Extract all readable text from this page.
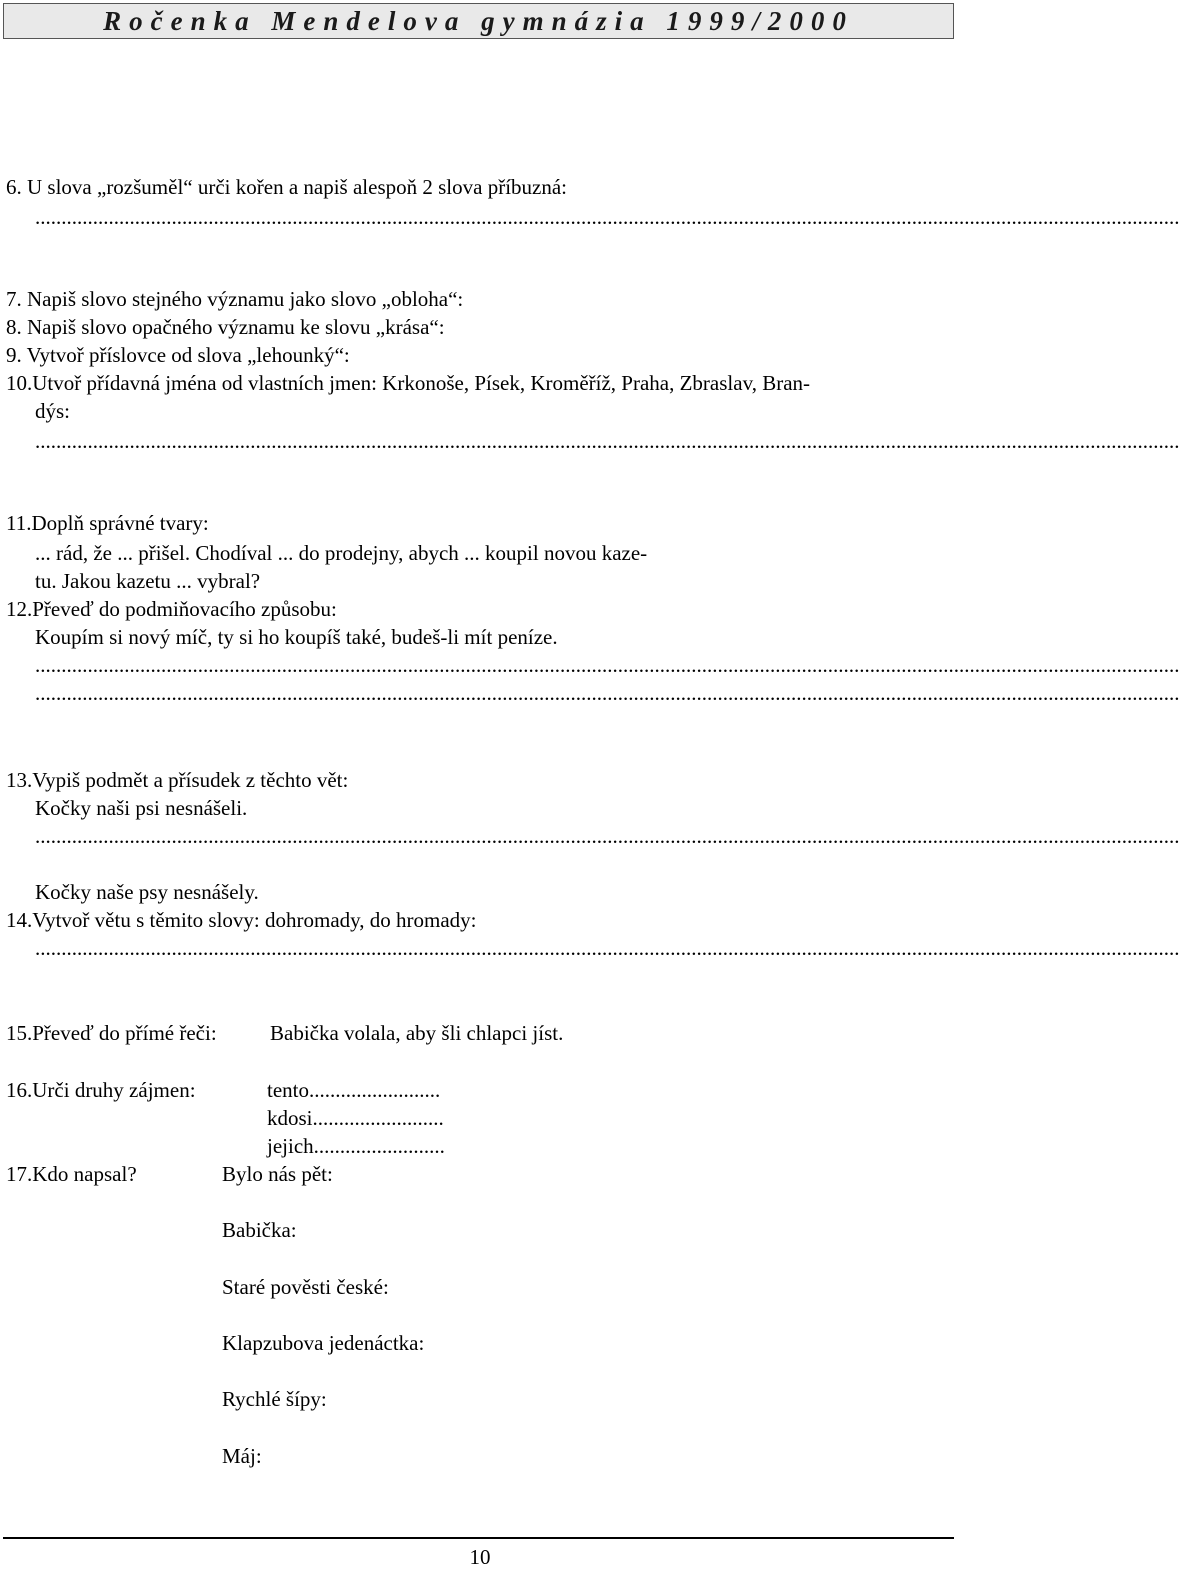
Ročenka Mendelova gymnázia 1999/2000
6. U slova „rozšuměl“ urči kořen a napiš alespoň 2 slova příbuzná:
..........................................................................................................................................................................................................................
7. Napiš slovo stejného významu jako slovo „obloha“:
8. Napiš slovo opačného významu ke slovu „krása“:
9. Vytvoř příslovce od slova „lehounký“:
10.Utvoř přídavná jména od vlastních jmen: Krkonoše, Písek, Kroměříž, Praha, Zbraslav, Bran-
dýs:
..........................................................................................................................................................................................................................
11.Doplň správné tvary:
... rád, že ... přišel. Chodíval ... do prodejny, abych ... koupil novou kaze-
tu. Jakou kazetu ... vybral?
12.Převeď do podmiňovacího způsobu:
Koupím si nový míč, ty si ho koupíš také, budeš-li mít peníze.
..........................................................................................................................................................................................................................
..........................................................................................................................................................................................................................
13.Vypiš podmět a přísudek z těchto vět:
Kočky naši psi nesnášeli.
..........................................................................................................................................................................................................................
Kočky naše psy nesnášely.
14.Vytvoř větu s těmito slovy: dohromady, do hromady:
..........................................................................................................................................................................................................................
15.Převeď do přímé řeči:	Babička volala, aby šli chlapci jíst.
16.Urči druhy zájmen:	tento.........................
kdosi.........................
jejich.........................
17.Kdo napsal?	Bylo nás pět:
Babička:
Staré pověsti české:
Klapzubova jedenáctka:
Rychlé šípy:
Máj:
10
